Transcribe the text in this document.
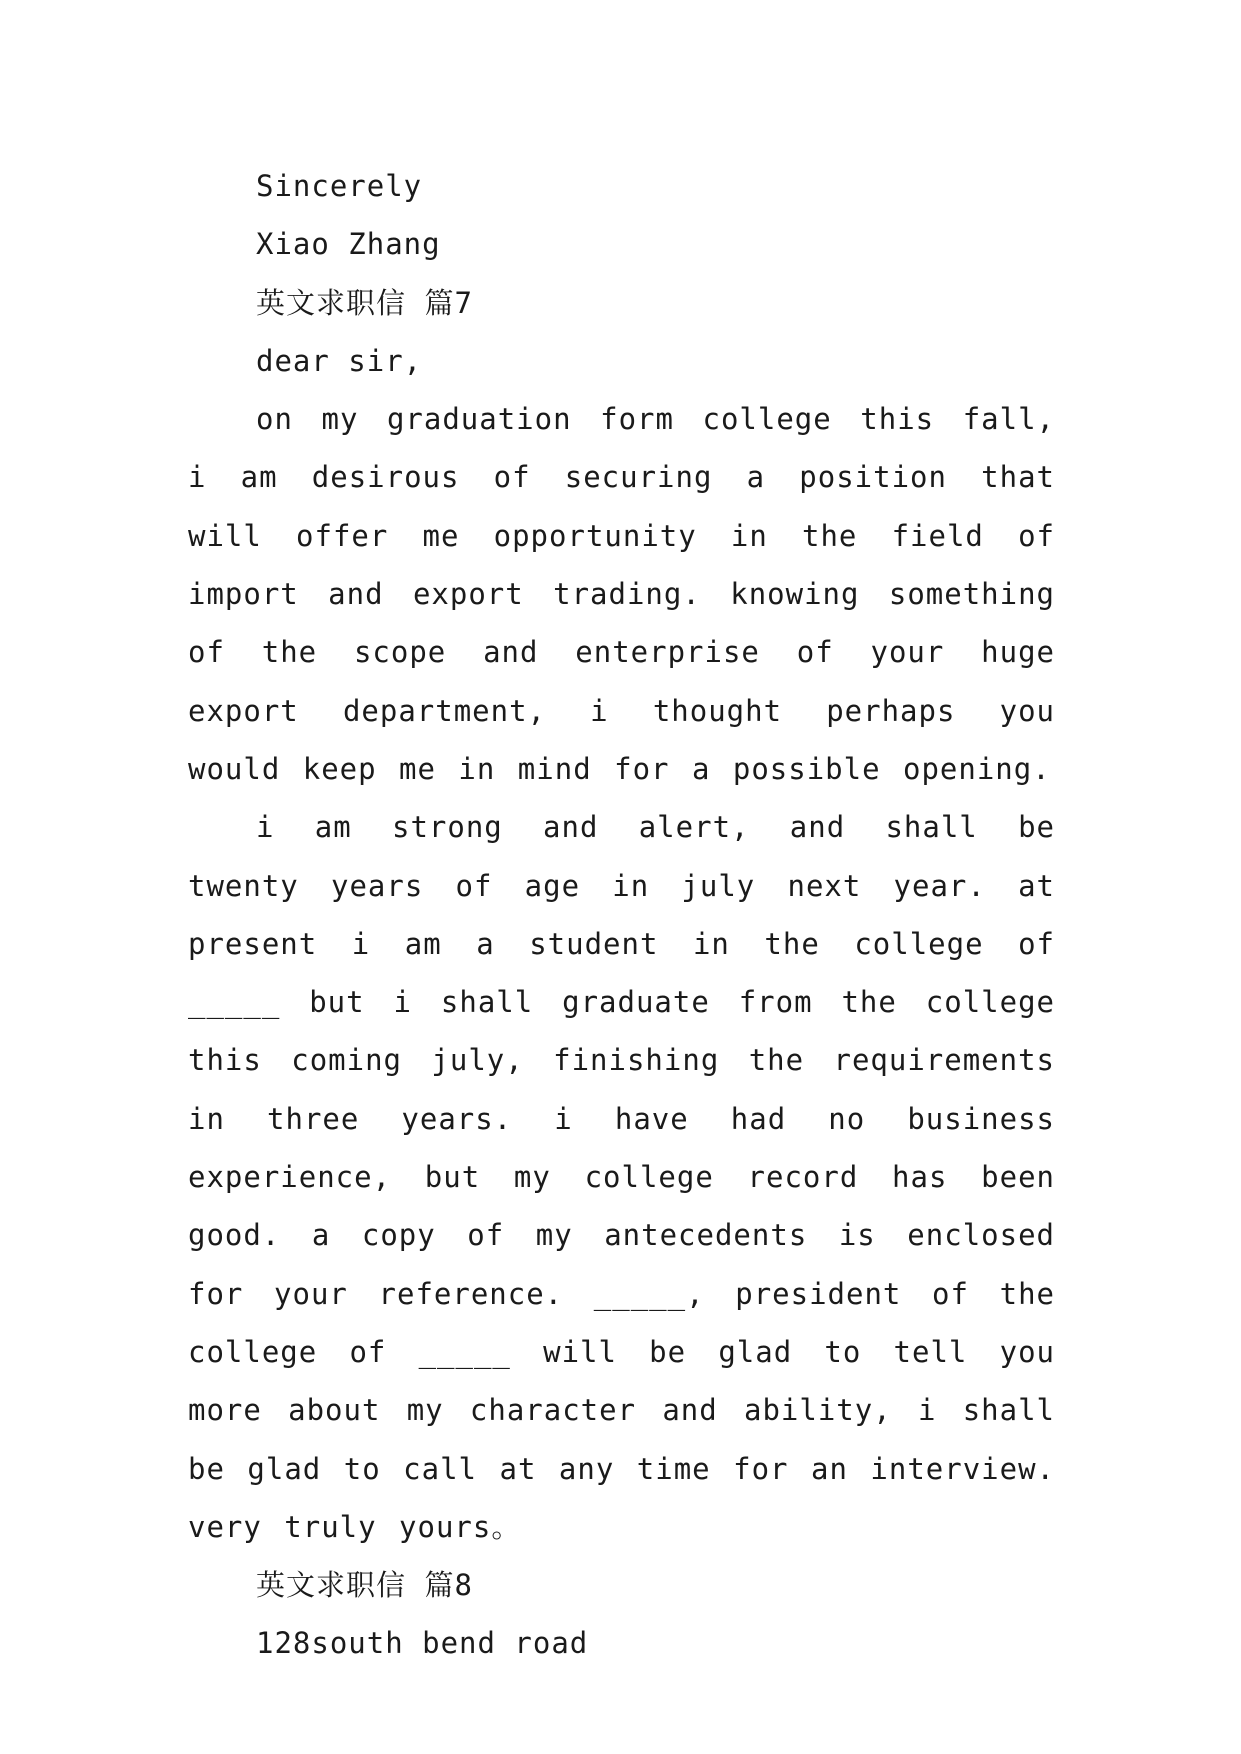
Sincerely
Xiao Zhang
英文求职信 篇7
dear sir,
on my graduation form college this fall, i am desirous of securing a position that will offer me opportunity in the field of import and export trading. knowing something of the scope and enterprise of your huge export department, i thought perhaps you would keep me in mind for a possible opening.
i am strong and alert, and shall be twenty years of age in july next year. at present i am a student in the college of _____ but i shall graduate from the college this coming july, finishing the requirements in three years. i have had no business experience, but my college record has been good. a copy of my antecedents is enclosed for your reference. _____, president of the college of _____ will be glad to tell you more about my character and ability, i shall be glad to call at any time for an interview. very truly yours。
英文求职信 篇8
128south bend road
